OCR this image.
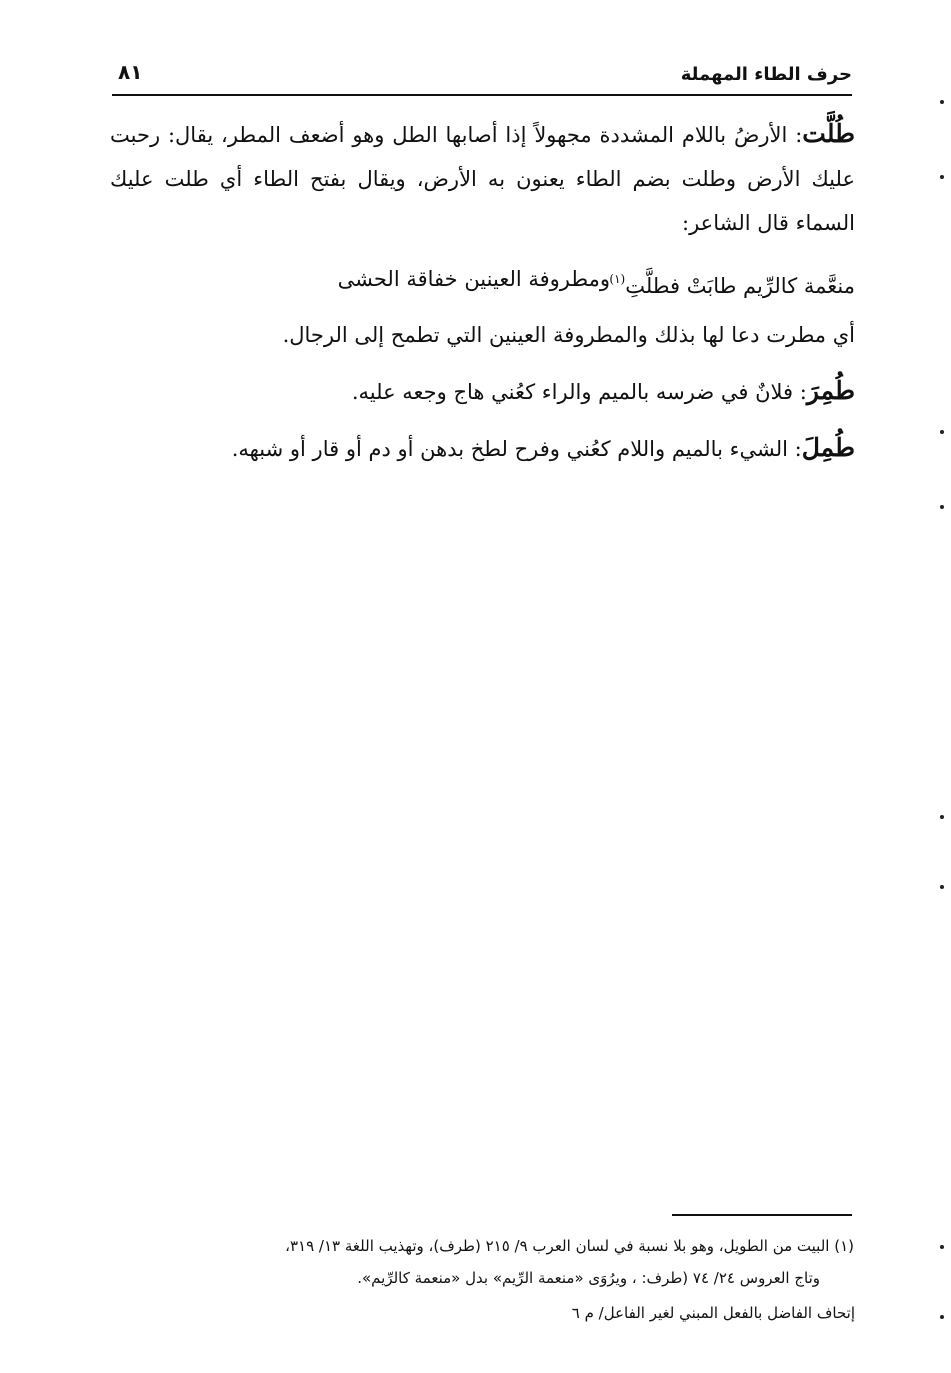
حرف الطاء المهملة
٨١

طُلَّت: الأرضُ باللام المشددة مجهولاً إذا أصابها الطل وهو أضعف المطر، يقال: رحبت عليك الأرض وطلت بضم الطاء يعنون به الأرض، ويقال بفتح الطاء أي طلت عليك السماء قال الشاعر:

ومطروفة العينين خفاقة الحشى منعَّمة كالرِّيم طابَتْ فطلَّتِ$^{(١)}$

أي مطرت دعا لها بذلك والمطروفة العينين التي تطمح إلى الرجال.

طُمِرَ: فلانٌ في ضرسه بالميم والراء كعُني هاج وجعه عليه.

طُمِلَ: الشيء بالميم واللام كعُني وفرح لطخ بدهن أو دم أو قار أو شبهه.

(١) البيت من الطويل، وهو بلا نسبة في لسان العرب ٩/ ٢١٥ (طرف)، وتهذيب اللغة ١٣/ ٣١٩،

وتاج العروس ٢٤/ ٧٤ (طرف: ، ويرُوَى «منعمة الرِّيم» بدل «منعمة كالرِّيم».

إتحاف الفاضل بالفعل المبني لغير الفاعل/ م ٦
